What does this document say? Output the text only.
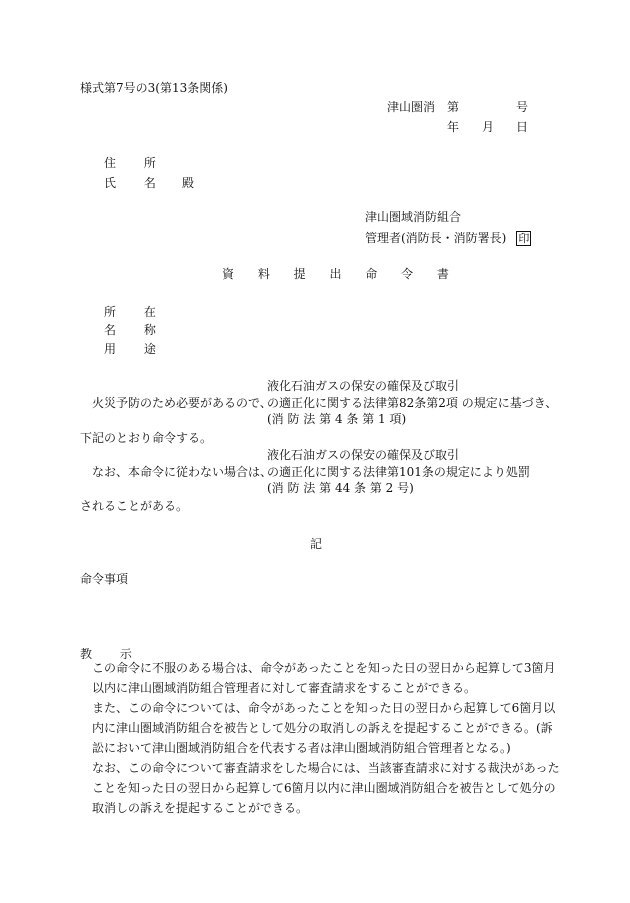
様式第7号の3(第13条関係)
津山圏消 第	号
年 月 日
住 所
氏 名 殿
津山圏域消防組合
管理者(消防長・消防署長) 印
資 料 提 出 命 令 書
所 在
名 称
用 途
液化石油ガスの保安の確保及び取引
火災予防のため必要があるので、
の適正化に関する法律第82条第2項 の規定に基づき、
(消 防 法 第 4 条 第 1 項)
下記のとおり命令する。
液化石油ガスの保安の確保及び取引
なお、本命令に従わない場合は、
の適正化に関する法律第101条の規定により処罰
(消 防 法 第 44 条 第 2 号)
されることがある。
記
命令事項
教 示
この命令に不服のある場合は、命令があったことを知った日の翌日から起算して3箇月以内に津山圏域消防組合管理者に対して審査請求をすることができる。
また、この命令については、命令があったことを知った日の翌日から起算して6箇月以内に津山圏域消防組合を被告として処分の取消しの訴えを提起することができる。(訴訟において津山圏域消防組合を代表する者は津山圏域消防組合管理者となる。)
なお、この命令について審査請求をした場合には、当該審査請求に対する裁決があったことを知った日の翌日から起算して6箇月以内に津山圏域消防組合を被告として処分の取消しの訴えを提起することができる。
